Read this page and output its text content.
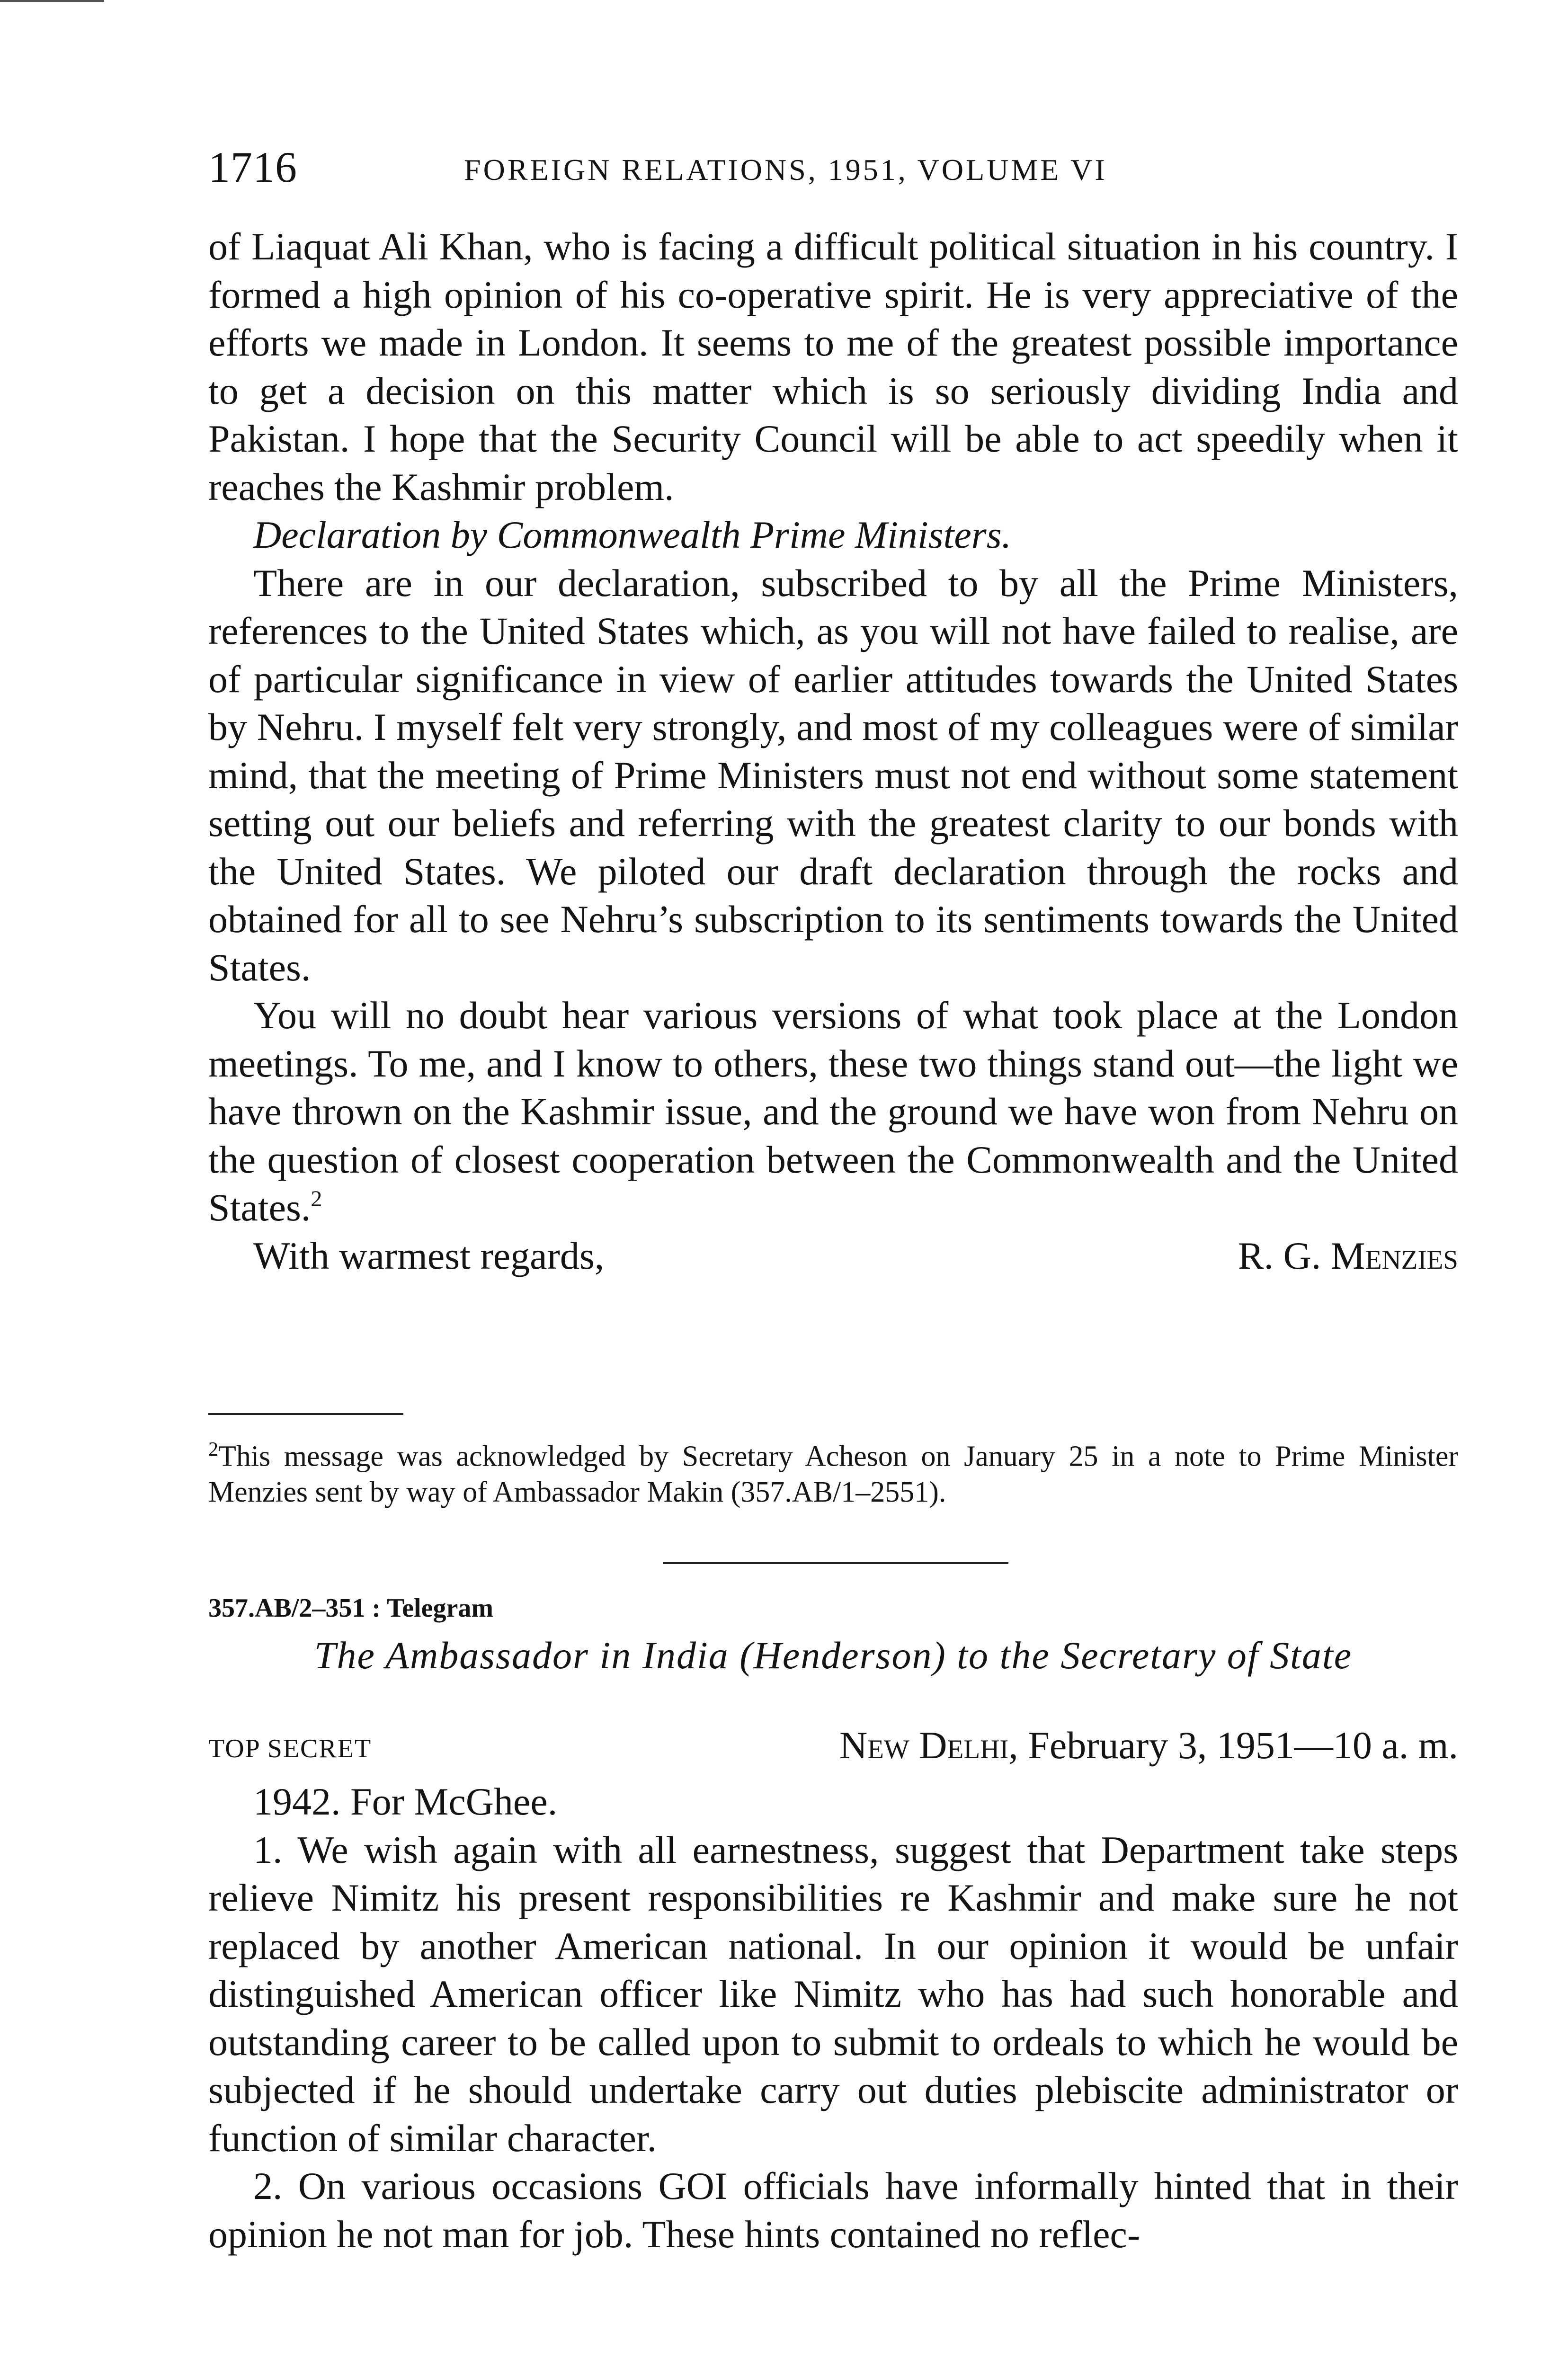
1716	FOREIGN RELATIONS, 1951, VOLUME VI

of Liaquat Ali Khan, who is facing a difficult political situation in his country. I formed a high opinion of his co-operative spirit. He is very appreciative of the efforts we made in London. It seems to me of the greatest possible importance to get a decision on this matter which is so seriously dividing India and Pakistan. I hope that the Security Council will be able to act speedily when it reaches the Kashmir problem.

Declaration by Commonwealth Prime Ministers.

There are in our declaration, subscribed to by all the Prime Ministers, references to the United States which, as you will not have failed to realise, are of particular significance in view of earlier attitudes towards the United States by Nehru. I myself felt very strongly, and most of my colleagues were of similar mind, that the meeting of Prime Ministers must not end without some statement setting out our beliefs and referring with the greatest clarity to our bonds with the United States. We piloted our draft declaration through the rocks and obtained for all to see Nehru’s subscription to its sentiments towards the United States.

You will no doubt hear various versions of what took place at the London meetings. To me, and I know to others, these two things stand out—the light we have thrown on the Kashmir issue, and the ground we have won from Nehru on the question of closest cooperation between the Commonwealth and the United States.$^2$

With warmest regards,	R. G. Menzies
$^2$This message was acknowledged by Secretary Acheson on January 25 in a note to Prime Minister Menzies sent by way of Ambassador Makin (357.AB/1–2551).
357.AB/2–351 : Telegram
The Ambassador in India (Henderson) to the Secretary of State
TOP SECRET	New Delhi, February 3, 1951—10 a. m.

1942. For McGhee.

1. We wish again with all earnestness, suggest that Department take steps relieve Nimitz his present responsibilities re Kashmir and make sure he not replaced by another American national. In our opinion it would be unfair distinguished American officer like Nimitz who has had such honorable and outstanding career to be called upon to submit to ordeals to which he would be subjected if he should undertake carry out duties plebiscite administrator or function of similar character.

2. On various occasions GOI officials have informally hinted that in their opinion he not man for job. These hints contained no reflec-
